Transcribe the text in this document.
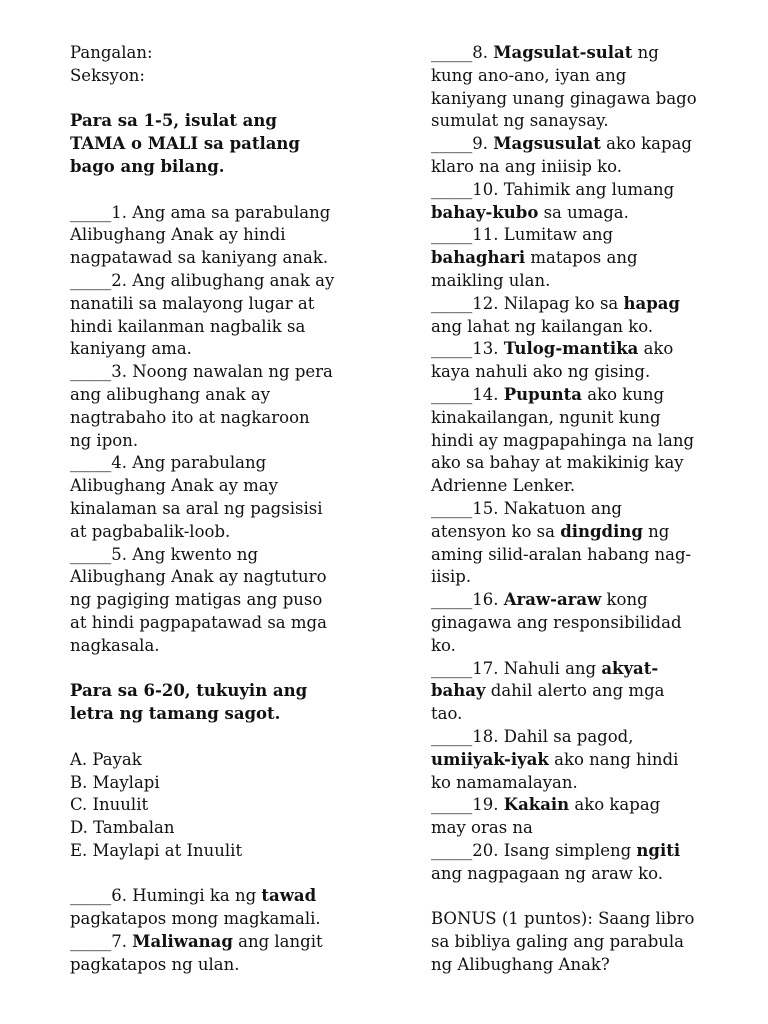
Pangalan:
Seksyon:
Para sa 1-5, isulat ang
TAMA o MALI sa patlang
bago ang bilang.
_____1. Ang ama sa parabulang
Alibughang Anak ay hindi
nagpatawad sa kaniyang anak.
_____2. Ang alibughang anak ay
nanatili sa malayong lugar at
hindi kailanman nagbalik sa
kaniyang ama.
_____3. Noong nawalan ng pera
ang alibughang anak ay
nagtrabaho ito at nagkaroon
ng ipon.
_____4. Ang parabulang
Alibughang Anak ay may
kinalaman sa aral ng pagsisisi
at pagbabalik-loob.
_____5. Ang kwento ng
Alibughang Anak ay nagtuturo
ng pagiging matigas ang puso
at hindi pagpapatawad sa mga
nagkasala.
Para sa 6-20, tukuyin ang
letra ng tamang sagot.
A. Payak
B. Maylapi
C. Inuulit
D. Tambalan
E. Maylapi at Inuulit
_____6. Humingi ka ng tawad
pagkatapos mong magkamali.
_____7. Maliwanag ang langit
pagkatapos ng ulan.
_____8. Magsulat-sulat ng
kung ano-ano, iyan ang
kaniyang unang ginagawa bago
sumulat ng sanaysay.
_____9. Magsusulat ako kapag
klaro na ang iniisip ko.
_____10. Tahimik ang lumang
bahay-kubo sa umaga.
_____11. Lumitaw ang
bahaghari matapos ang
maikling ulan.
_____12. Nilapag ko sa hapag
ang lahat ng kailangan ko.
_____13. Tulog-mantika ako
kaya nahuli ako ng gising.
_____14. Pupunta ako kung
kinakailangan, ngunit kung
hindi ay magpapahinga na lang
ako sa bahay at makikinig kay
Adrienne Lenker.
_____15. Nakatuon ang
atensyon ko sa dingding ng
aming silid-aralan habang nag-
iisip.
_____16. Araw-araw kong
ginagawa ang responsibilidad
ko.
_____17. Nahuli ang akyat-
bahay dahil alerto ang mga
tao.
_____18. Dahil sa pagod,
umiiyak-iyak ako nang hindi
ko namamalayan.
_____19. Kakain ako kapag
may oras na
_____20. Isang simpleng ngiti
ang nagpagaan ng araw ko.
BONUS (1 puntos): Saang libro
sa bibliya galing ang parabula
ng Alibughang Anak?
